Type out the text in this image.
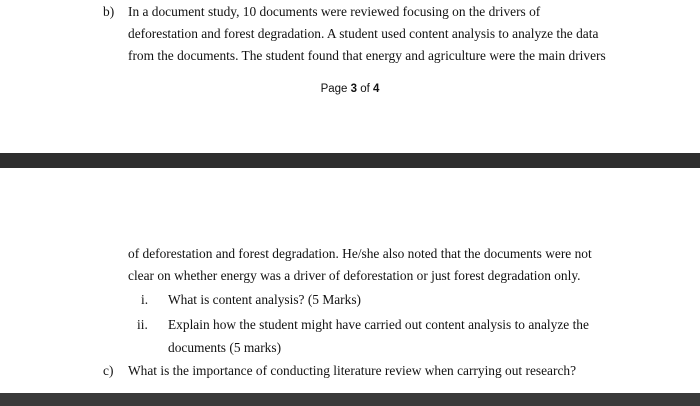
b) In a document study, 10 documents were reviewed focusing on the drivers of
deforestation and forest degradation. A student used content analysis to analyze the data
from the documents. The student found that energy and agriculture were the main drivers
Page 3 of 4
of deforestation and forest degradation. He/she also noted that the documents were not
clear on whether energy was a driver of deforestation or just forest degradation only.
i. What is content analysis? (5 Marks)
ii. Explain how the student might have carried out content analysis to analyze the
documents (5 marks)
c) What is the importance of conducting literature review when carrying out research?
